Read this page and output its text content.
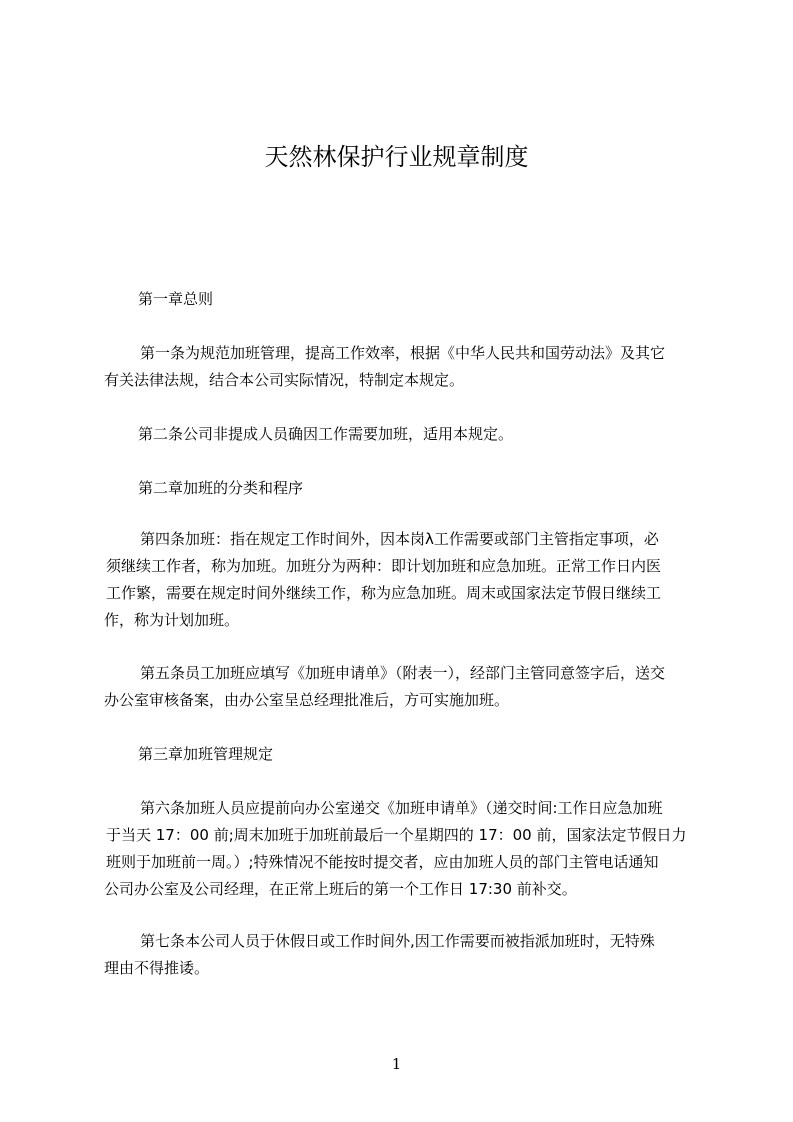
天然林保护行业规章制度
第一章总则
第一条为规范加班管理，提高工作效率，根据《中华人民共和国劳动法》及其它
有关法律法规，结合本公司实际情况，特制定本规定。
第二条公司非提成人员确因工作需要加班，适用本规定。
第二章加班的分类和程序
第四条加班：指在规定工作时间外，因本岗λ工作需要或部门主管指定事项，必
须继续工作者，称为加班。加班分为两种：即计划加班和应急加班。正常工作日内医
工作繁，需要在规定时间外继续工作，称为应急加班。周末或国家法定节假日继续工
作，称为计划加班。
第五条员工加班应填写《加班申请单》（附表一），经部门主管同意签字后，送交
办公室审核备案，由办公室呈总经理批准后，方可实施加班。
第三章加班管理规定
第六条加班人员应提前向办公室递交《加班申请单》（递交时间:工作日应急加班
于当天 17：00 前;周末加班于加班前最后一个星期四的 17：00 前，国家法定节假日力
班则于加班前一周。）;特殊情况不能按时提交者，应由加班人员的部门主管电话通知
公司办公室及公司经理，在正常上班后的第一个工作日 17:30 前补交。
第七条本公司人员于休假日或工作时间外,因工作需要而被指派加班时，无特殊
理由不得推诿。
1
